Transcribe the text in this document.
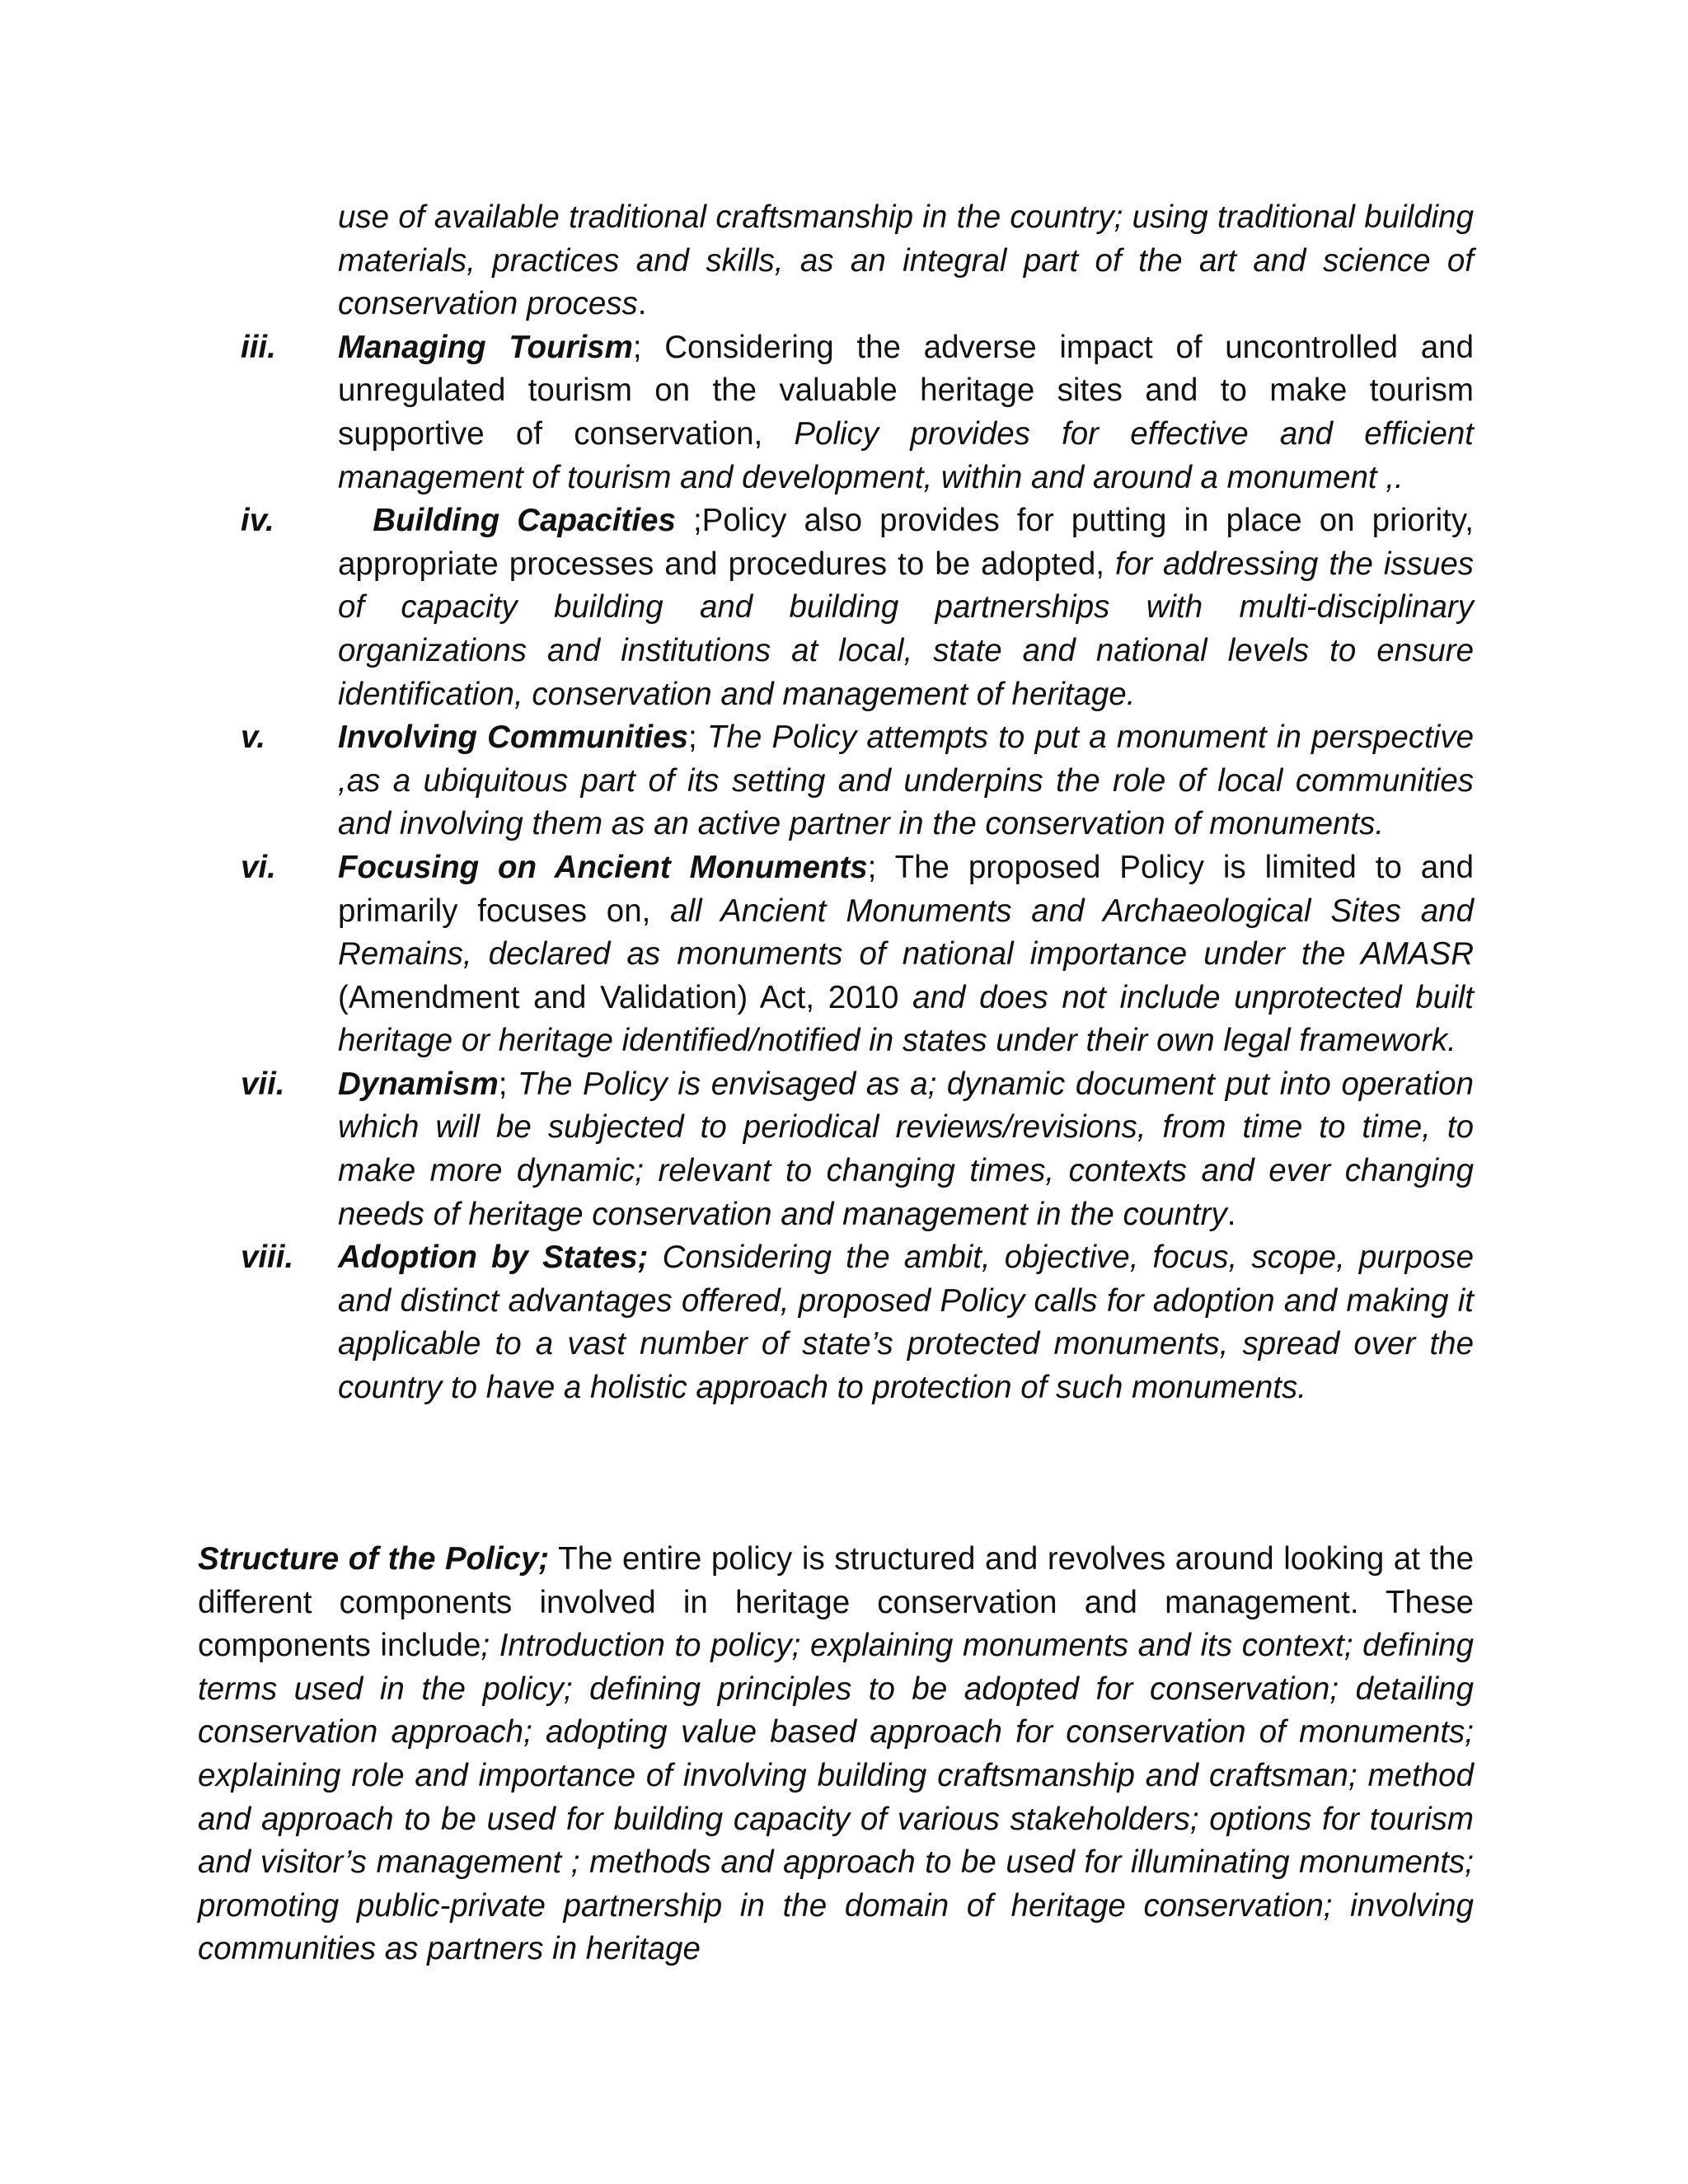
use of available traditional craftsmanship in the country; using traditional building materials, practices and skills, as an integral part of the art and science of conservation process.

iii. Managing Tourism; Considering the adverse impact of uncontrolled and unregulated tourism on the valuable heritage sites and to make tourism supportive of conservation, Policy provides for effective and efficient management of tourism and development, within and around a monument ,.

iv.	Building Capacities ;Policy also provides for putting in place on priority, appropriate processes and procedures to be adopted, for addressing the issues of capacity building and building partnerships with multi-disciplinary organizations and institutions at local, state and national levels to ensure identification, conservation and management of heritage.

v. Involving Communities; The Policy attempts to put a monument in perspective ,as a ubiquitous part of its setting and underpins the role of local communities and involving them as an active partner in the conservation of monuments.

vi. Focusing on Ancient Monuments; The proposed Policy is limited to and primarily focuses on, all Ancient Monuments and Archaeological Sites and Remains, declared as monuments of national importance under the AMASR (Amendment and Validation) Act, 2010 and does not include unprotected built heritage or heritage identified/notified in states under their own legal framework.

vii. Dynamism; The Policy is envisaged as a; dynamic document put into operation which will be subjected to periodical reviews/revisions, from time to time, to make more dynamic; relevant to changing times, contexts and ever changing needs of heritage conservation and management in the country.

viii. Adoption by States; Considering the ambit, objective, focus, scope, purpose and distinct advantages offered, proposed Policy calls for adoption and making it applicable to a vast number of state’s protected monuments, spread over the country to have a holistic approach to protection of such monuments.

Structure of the Policy; The entire policy is structured and revolves around looking at the different components involved in heritage conservation and management. These components include; Introduction to policy; explaining monuments and its context; defining terms used in the policy; defining principles to be adopted for conservation; detailing conservation approach; adopting value based approach for conservation of monuments; explaining role and importance of involving building craftsmanship and craftsman; method and approach to be used for building capacity of various stakeholders; options for tourism and visitor’s management ; methods and approach to be used for illuminating monuments; promoting public-private partnership in the domain of heritage conservation; involving communities as partners in heritage
